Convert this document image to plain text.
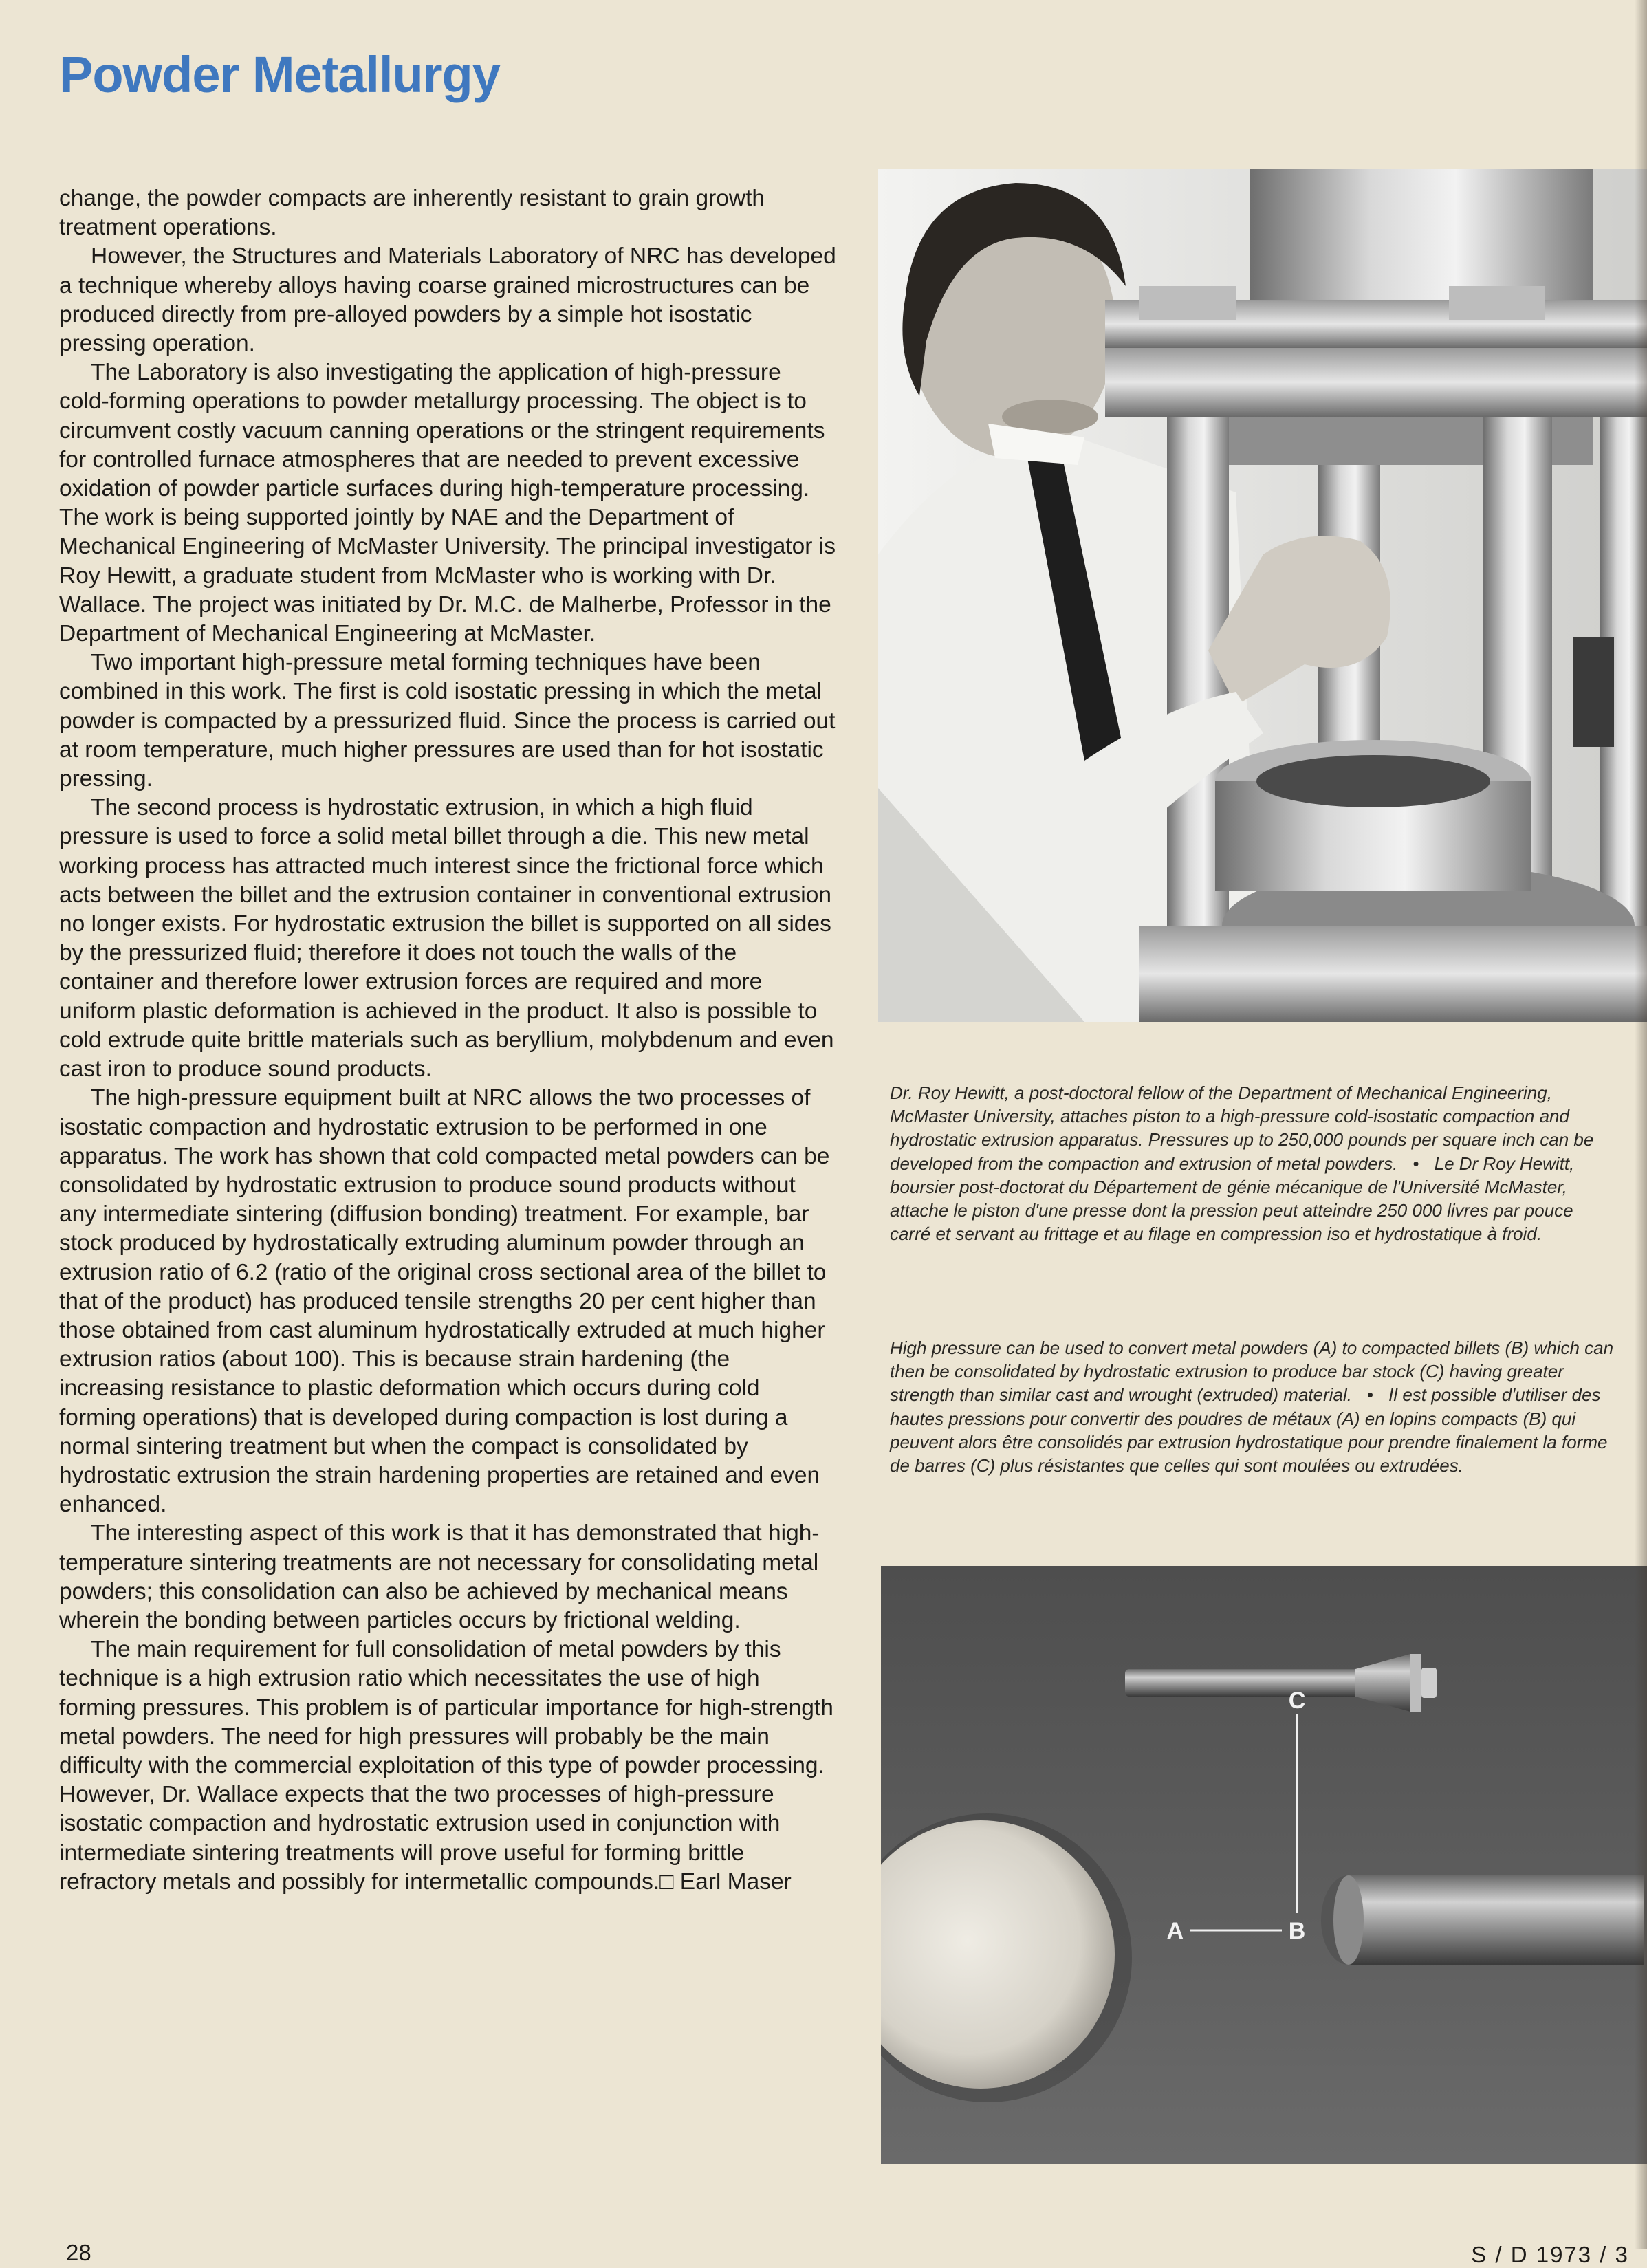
Powder Metallurgy

change, the powder compacts are inherently resistant to grain growth treatment operations.

However, the Structures and Materials Laboratory of NRC has developed a technique whereby alloys having coarse grained microstructures can be produced directly from pre-alloyed powders by a simple hot isostatic pressing operation.

The Laboratory is also investigating the application of high-pressure cold-forming operations to powder metallurgy processing. The object is to circumvent costly vacuum canning operations or the stringent requirements for controlled furnace atmospheres that are needed to prevent excessive oxidation of powder particle surfaces during high-temperature processing. The work is being supported jointly by NAE and the Department of Mechanical Engineering of McMaster University. The principal investigator is Roy Hewitt, a graduate student from McMaster who is working with Dr. Wallace. The project was initiated by Dr. M.C. de Malherbe, Professor in the Department of Mechanical Engineering at McMaster.

Two important high-pressure metal forming techniques have been combined in this work. The first is cold isostatic pressing in which the metal powder is compacted by a pressurized fluid. Since the process is carried out at room temperature, much higher pressures are used than for hot isostatic pressing.

The second process is hydrostatic extrusion, in which a high fluid pressure is used to force a solid metal billet through a die. This new metal working process has attracted much interest since the frictional force which acts between the billet and the extrusion container in conventional extrusion no longer exists. For hydrostatic extrusion the billet is supported on all sides by the pressurized fluid; therefore it does not touch the walls of the container and therefore lower extrusion forces are required and more uniform plastic deformation is achieved in the product. It also is possible to cold extrude quite brittle materials such as beryllium, molybdenum and even cast iron to produce sound products.

The high-pressure equipment built at NRC allows the two processes of isostatic compaction and hydrostatic extrusion to be performed in one apparatus. The work has shown that cold compacted metal powders can be consolidated by hydrostatic extrusion to produce sound products without any intermediate sintering (diffusion bonding) treatment. For example, bar stock produced by hydrostatically extruding aluminum powder through an extrusion ratio of 6.2 (ratio of the original cross sectional area of the billet to that of the product) has produced tensile strengths 20 per cent higher than those obtained from cast aluminum hydrostatically extruded at much higher extrusion ratios (about 100). This is because strain hardening (the increasing resistance to plastic deformation which occurs during cold forming operations) that is developed during compaction is lost during a normal sintering treatment but when the compact is consolidated by hydrostatic extrusion the strain hardening properties are retained and even enhanced.

The interesting aspect of this work is that it has demonstrated that high-temperature sintering treatments are not necessary for consolidating metal powders; this consolidation can also be achieved by mechanical means wherein the bonding between particles occurs by frictional welding.

The main requirement for full consolidation of metal powders by this technique is a high extrusion ratio which necessitates the use of high forming pressures. This problem is of particular importance for high-strength metal powders. The need for high pressures will probably be the main difficulty with the commercial exploitation of this type of powder processing. However, Dr. Wallace expects that the two processes of high-pressure isostatic compaction and hydrostatic extrusion used in conjunction with intermediate sintering treatments will prove useful for forming brittle refractory metals and possibly for intermetallic compounds.□ Earl Maser

Dr. Roy Hewitt, a post-doctoral fellow of the Department of Mechanical Engineering, McMaster University, attaches piston to a high-pressure cold-isostatic compaction and hydrostatic extrusion apparatus. Pressures up to 250,000 pounds per square inch can be developed from the compaction and extrusion of metal powders. • Le Dr Roy Hewitt, boursier post-doctorat du Département de génie mécanique de l'Université McMaster, attache le piston d'une presse dont la pression peut atteindre 250 000 livres par pouce carré et servant au frittage et au filage en compression iso et hydrostatique à froid.
High pressure can be used to convert metal powders (A) to compacted billets (B) which can then be consolidated by hydrostatic extrusion to produce bar stock (C) having greater strength than similar cast and wrought (extruded) material. • Il est possible d'utiliser des hautes pressions pour convertir des poudres de métaux (A) en lopins compacts (B) qui peuvent alors être consolidés par extrusion hydrostatique pour prendre finalement la forme de barres (C) plus résistantes que celles qui sont moulées ou extrudées.
C
A	B
28	S / D 1973 / 3
